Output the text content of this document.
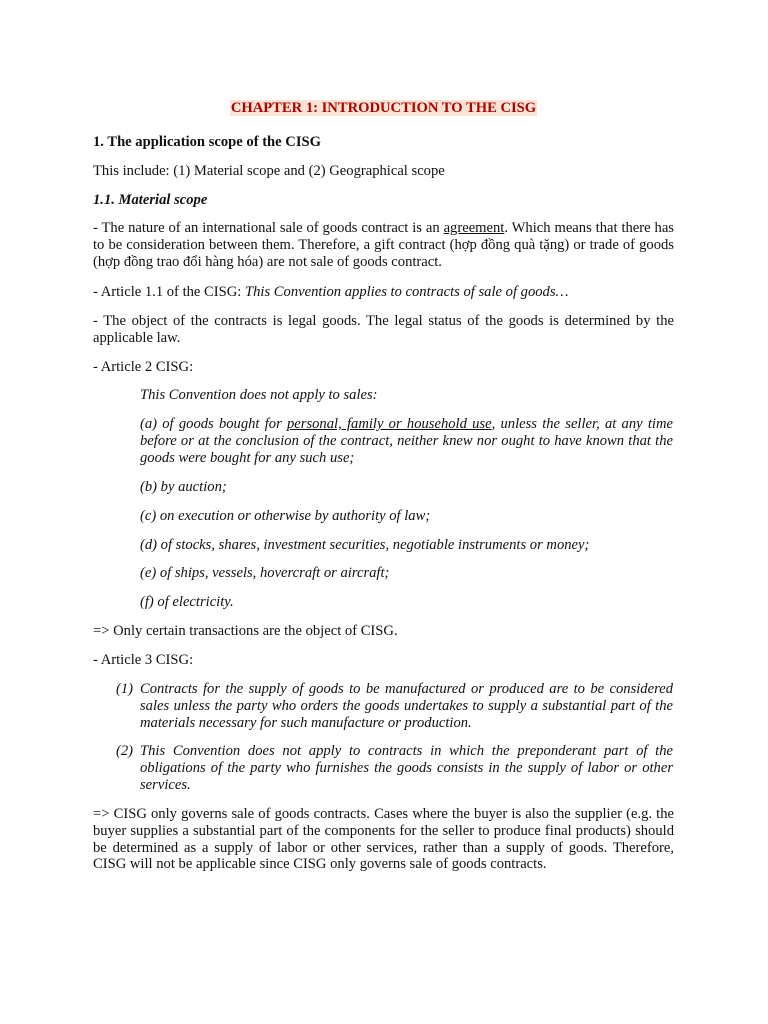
CHAPTER 1: INTRODUCTION TO THE CISG

1. The application scope of the CISG

This include: (1) Material scope and (2) Geographical scope

1.1. Material scope

- The nature of an international sale of goods contract is an agreement. Which means that there has to be consideration between them. Therefore, a gift contract (hợp đồng quà tặng) or trade of goods (hợp đồng trao đổi hàng hóa) are not sale of goods contract.

- Article 1.1 of the CISG: This Convention applies to contracts of sale of goods…

- The object of the contracts is legal goods. The legal status of the goods is determined by the applicable law.

- Article 2 CISG:

This Convention does not apply to sales:

(a) of goods bought for personal, family or household use, unless the seller, at any time before or at the conclusion of the contract, neither knew nor ought to have known that the goods were bought for any such use;

(b) by auction;

(c) on execution or otherwise by authority of law;

(d) of stocks, shares, investment securities, negotiable instruments or money;

(e) of ships, vessels, hovercraft or aircraft;

(f) of electricity.

=> Only certain transactions are the object of CISG.

- Article 3 CISG:

(1) Contracts for the supply of goods to be manufactured or produced are to be considered sales unless the party who orders the goods undertakes to supply a substantial part of the materials necessary for such manufacture or production.

(2) This Convention does not apply to contracts in which the preponderant part of the obligations of the party who furnishes the goods consists in the supply of labor or other services.

=> CISG only governs sale of goods contracts. Cases where the buyer is also the supplier (e.g. the buyer supplies a substantial part of the components for the seller to produce final products) should be determined as a supply of labor or other services, rather than a supply of goods. Therefore, CISG will not be applicable since CISG only governs sale of goods contracts.
